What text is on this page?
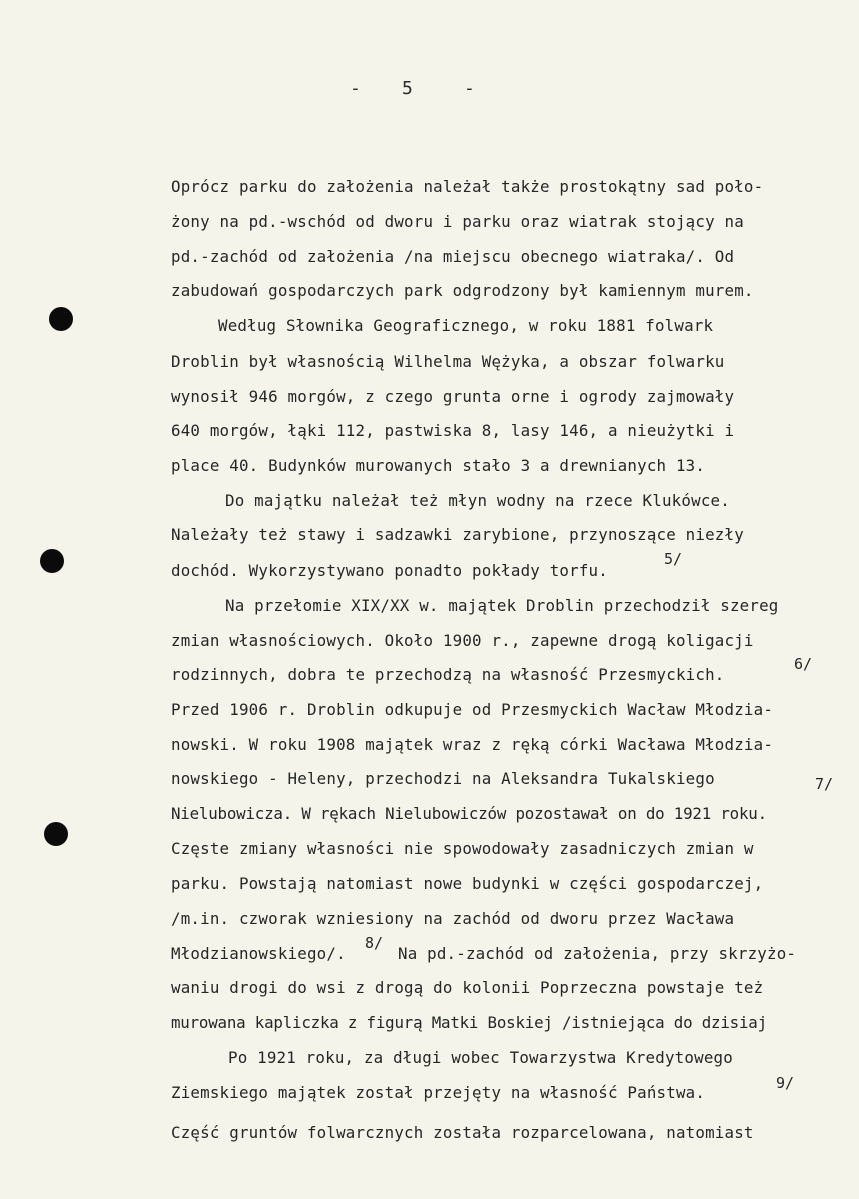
- 5	-
Oprócz parku do założenia należał także prostokątny sad poło-
żony na pd.-wschód od dworu i parku oraz wiatrak stojący na
pd.-zachód od założenia /na miejscu obecnego wiatraka/. Od
zabudowań gospodarczych park odgrodzony był kamiennym murem.
Według Słownika Geograficznego, w roku 1881 folwark
Droblin był własnością Wilhelma Wężyka, a obszar folwarku
wynosił 946 morgów, z czego grunta orne i ogrody zajmowały
640 morgów, łąki 112, pastwiska 8, lasy 146, a nieużytki i
place 40. Budynków murowanych stało 3 a drewnianych 13.
Do majątku należał też młyn wodny na rzece Klukówce.
Należały też stawy i sadzawki zarybione, przynoszące niezły
dochód. Wykorzystywano ponadto pokłady torfu.
5/
Na przełomie XIX/XX w. majątek Droblin przechodził szereg
zmian własnościowych. Około 1900 r., zapewne drogą koligacji
rodzinnych, dobra te przechodzą na własność Przesmyckich.
6/
Przed 1906 r. Droblin odkupuje od Przesmyckich Wacław Młodzia-
nowski. W roku 1908 majątek wraz z ręką córki Wacława Młodzia-
nowskiego - Heleny, przechodzi na Aleksandra Tukalskiego	7/
Nielubowicza. W rękach Nielubowiczów pozostawał on do 1921 roku.
Częste zmiany własności nie spowodowały zasadniczych zmian w
parku. Powstają natomiast nowe budynki w części gospodarczej,
/m.in. czworak wzniesiony na zachód od dworu przez Wacława
Młodzianowskiego/.
8/
Na pd.-zachód od założenia, przy skrzyżo-
waniu drogi do wsi z drogą do kolonii Poprzeczna powstaje też
murowana kapliczka z figurą Matki Boskiej /istniejąca do dzisiaj
Po 1921 roku, za długi wobec Towarzystwa Kredytowego
Ziemskiego majątek został przejęty na własność Państwa.	9/
Część gruntów folwarcznych została rozparcelowana, natomiast
